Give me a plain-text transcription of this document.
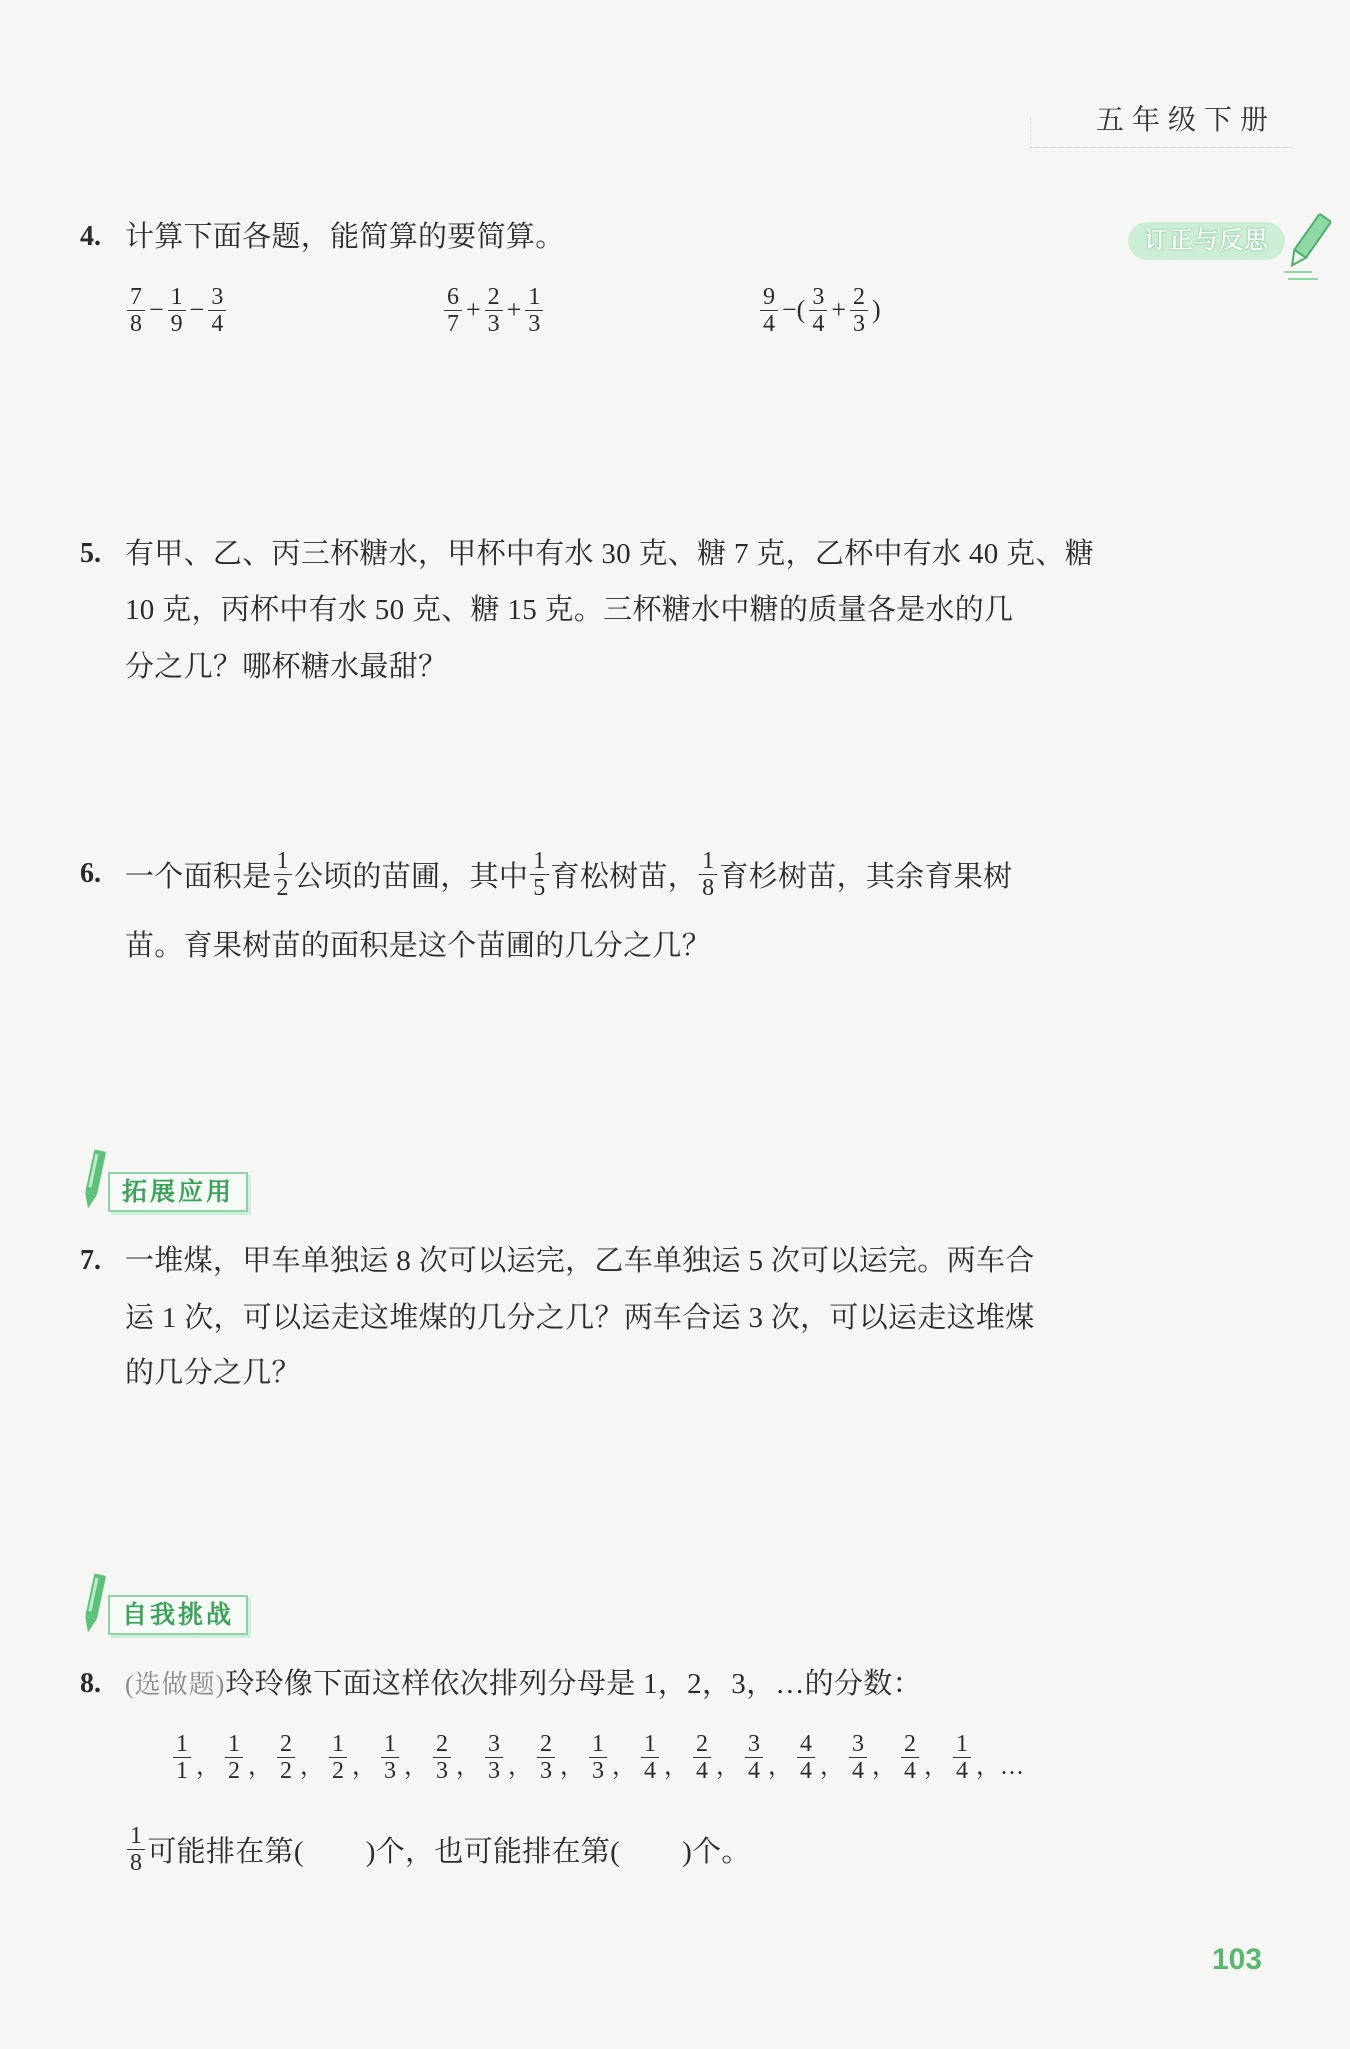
五年级下册
订正与反思
4. 计算下面各题，能简算的要简算。
$\frac{7}{8} - \frac{1}{9} - \frac{3}{4}$	$\frac{6}{7} + \frac{2}{3} + \frac{1}{3}$	$\frac{9}{4}$ −( $\frac{3}{4} + \frac{2}{3}$ )
5. 有甲、乙、丙三杯糖水，甲杯中有水 30 克、糖 7 克，乙杯中有水 40 克、糖
10 克，丙杯中有水 50 克、糖 15 克。三杯糖水中糖的质量各是水的几
分之几？哪杯糖水最甜？
6. 一个面积是 $\frac{1}{2}$ 公顷的苗圃，其中 $\frac{1}{5}$ 育松树苗， $\frac{1}{8}$ 育杉树苗，其余育果树
苗。育果树苗的面积是这个苗圃的几分之几？
拓展应用
7. 一堆煤，甲车单独运 8 次可以运完，乙车单独运 5 次可以运完。两车合
运 1 次，可以运走这堆煤的几分之几？两车合运 3 次，可以运走这堆煤
的几分之几？
自我挑战
8. (选做题)玲玲像下面这样依次排列分母是 1，2，3，…的分数：
$\frac{1}{1}$ ， $\frac{1}{2}$ ， $\frac{2}{2}$ ， $\frac{1}{2}$ ， $\frac{1}{3}$ ， $\frac{2}{3}$ ， $\frac{3}{3}$ ， $\frac{2}{3}$ ， $\frac{1}{3}$ ， $\frac{1}{4}$ ， $\frac{2}{4}$ ， $\frac{3}{4}$ ， $\frac{4}{4}$ ， $\frac{3}{4}$ ， $\frac{2}{4}$ ， $\frac{1}{4}$ ，…
$\frac{1}{8}$ 可能排在第( )个，也可能排在第( )个。
103
